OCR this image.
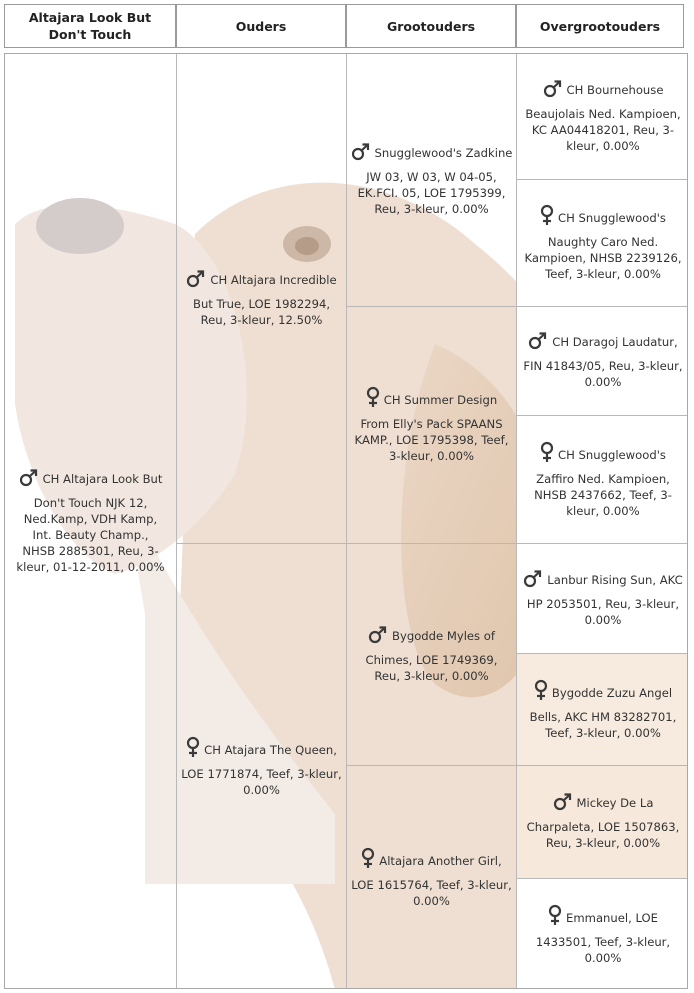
Altajara Look But Don't Touch
Ouders	Grootouders	Overgrootouders
CH Altajara Look But
Don't Touch NJK 12, Ned.Kamp, VDH Kamp, Int. Beauty Champ., NHSB 2885301, Reu, 3-kleur, 01-12-2011, 0.00%
CH Altajara Incredible
But True, LOE 1982294, Reu, 3-kleur, 12.50%
CH Atajara The Queen,
LOE 1771874, Teef, 3-kleur, 0.00%
Snugglewood's Zadkine
JW 03, W 03, W 04-05, EK.FCI. 05, LOE 1795399, Reu, 3-kleur, 0.00%
CH Summer Design
From Elly's Pack SPAANS KAMP., LOE 1795398, Teef, 3-kleur, 0.00%
Bygodde Myles of
Chimes, LOE 1749369, Reu, 3-kleur, 0.00%
Altajara Another Girl,
LOE 1615764, Teef, 3-kleur, 0.00%
CH Bournehouse
Beaujolais Ned. Kampioen, KC AA04418201, Reu, 3-kleur, 0.00%
CH Snugglewood's
Naughty Caro Ned. Kampioen, NHSB 2239126, Teef, 3-kleur, 0.00%
CH Daragoj Laudatur,
FIN 41843/05, Reu, 3-kleur, 0.00%
CH Snugglewood's
Zaffiro Ned. Kampioen, NHSB 2437662, Teef, 3-kleur, 0.00%
Lanbur Rising Sun, AKC
HP 2053501, Reu, 3-kleur, 0.00%
Bygodde Zuzu Angel
Bells, AKC HM 83282701, Teef, 3-kleur, 0.00%
Mickey De La
Charpaleta, LOE 1507863, Reu, 3-kleur, 0.00%
Emmanuel, LOE
1433501, Teef, 3-kleur, 0.00%
